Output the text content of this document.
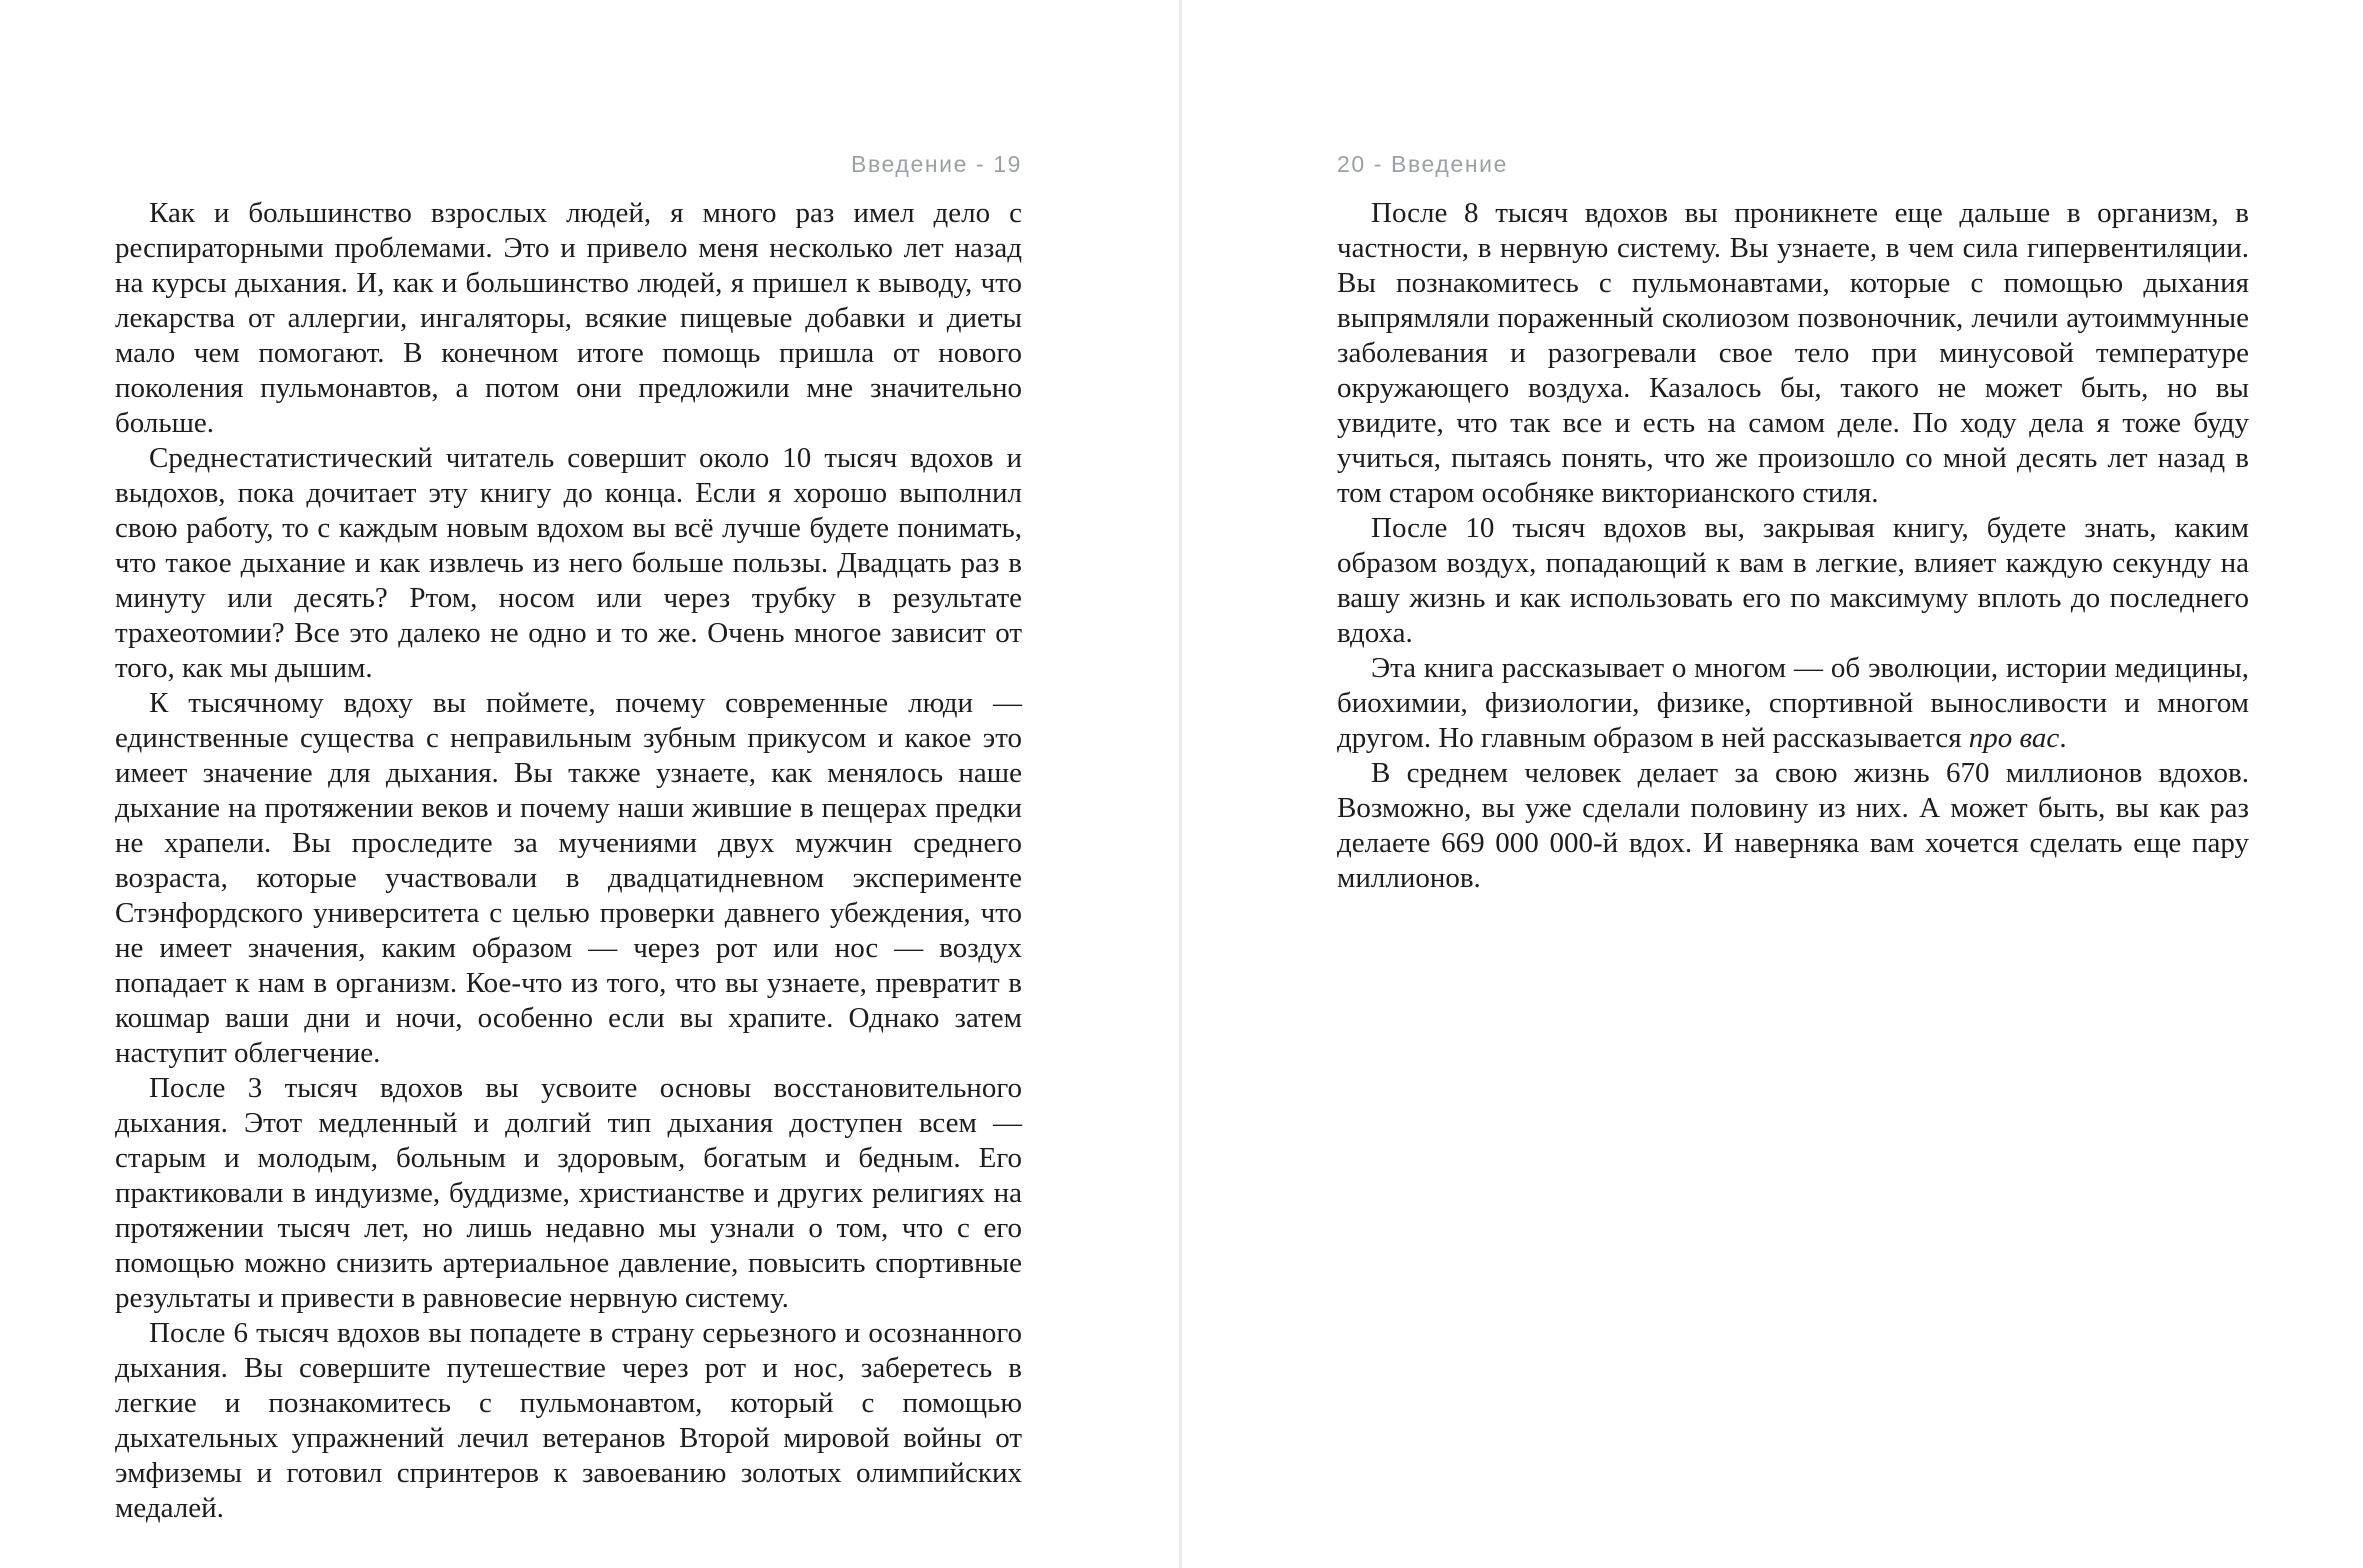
Введение - 19	20 - Введение

Как и большинство взрослых людей, я много раз имел дело с респираторными проблемами. Это и привело меня несколько лет назад на курсы дыхания. И, как и большинство людей, я пришел к выводу, что лекарства от аллергии, ингаляторы, всякие пищевые добавки и диеты мало чем помогают. В конечном итоге помощь пришла от нового поколения пульмонавтов, а потом они предложили мне значительно больше.

Среднестатистический читатель совершит около 10 тысяч вдохов и выдохов, пока дочитает эту книгу до конца. Если я хорошо выполнил свою работу, то с каждым новым вдохом вы всё лучше будете понимать, что такое дыхание и как извлечь из него больше пользы. Двадцать раз в минуту или десять? Ртом, носом или через трубку в результате трахеотомии? Все это далеко не одно и то же. Очень многое зависит от того, как мы дышим.

К тысячному вдоху вы поймете, почему современные люди — единственные существа с неправильным зубным прикусом и какое это имеет значение для дыхания. Вы также узнаете, как менялось наше дыхание на протяжении веков и почему наши жившие в пещерах предки не храпели. Вы проследите за мучениями двух мужчин среднего возраста, которые участвовали в двадцатидневном эксперименте Стэнфордского университета с целью проверки давнего убеждения, что не имеет значения, каким образом — через рот или нос — воздух попадает к нам в организм. Кое-что из того, что вы узнаете, превратит в кошмар ваши дни и ночи, особенно если вы храпите. Однако затем наступит облегчение.

После 3 тысяч вдохов вы усвоите основы восстановительного дыхания. Этот медленный и долгий тип дыхания доступен всем — старым и молодым, больным и здоровым, богатым и бедным. Его практиковали в индуизме, буддизме, христианстве и других религиях на протяжении тысяч лет, но лишь недавно мы узнали о том, что с его помощью можно снизить артериальное давление, повысить спортивные результаты и привести в равновесие нервную систему.

После 6 тысяч вдохов вы попадете в страну серьезного и осознанного дыхания. Вы совершите путешествие через рот и нос, заберетесь в легкие и познакомитесь с пульмонавтом, который с помощью дыхательных упражнений лечил ветеранов Второй мировой войны от эмфиземы и готовил спринтеров к завоеванию золотых олимпийских медалей.

После 8 тысяч вдохов вы проникнете еще дальше в организм, в частности, в нервную систему. Вы узнаете, в чем сила гипервентиляции. Вы познакомитесь с пульмонавтами, которые с помощью дыхания выпрямляли пораженный сколиозом позвоночник, лечили аутоиммунные заболевания и разогревали свое тело при минусовой температуре окружающего воздуха. Казалось бы, такого не может быть, но вы увидите, что так все и есть на самом деле. По ходу дела я тоже буду учиться, пытаясь понять, что же произошло со мной десять лет назад в том старом особняке викторианского стиля.

После 10 тысяч вдохов вы, закрывая книгу, будете знать, каким образом воздух, попадающий к вам в легкие, влияет каждую секунду на вашу жизнь и как использовать его по максимуму вплоть до последнего вдоха.

Эта книга рассказывает о многом — об эволюции, истории медицины, биохимии, физиологии, физике, спортивной выносливости и многом другом. Но главным образом в ней рассказывается про вас.

В среднем человек делает за свою жизнь 670 миллионов вдохов. Возможно, вы уже сделали половину из них. А может быть, вы как раз делаете 669 000 000-й вдох. И наверняка вам хочется сделать еще пару миллионов.
